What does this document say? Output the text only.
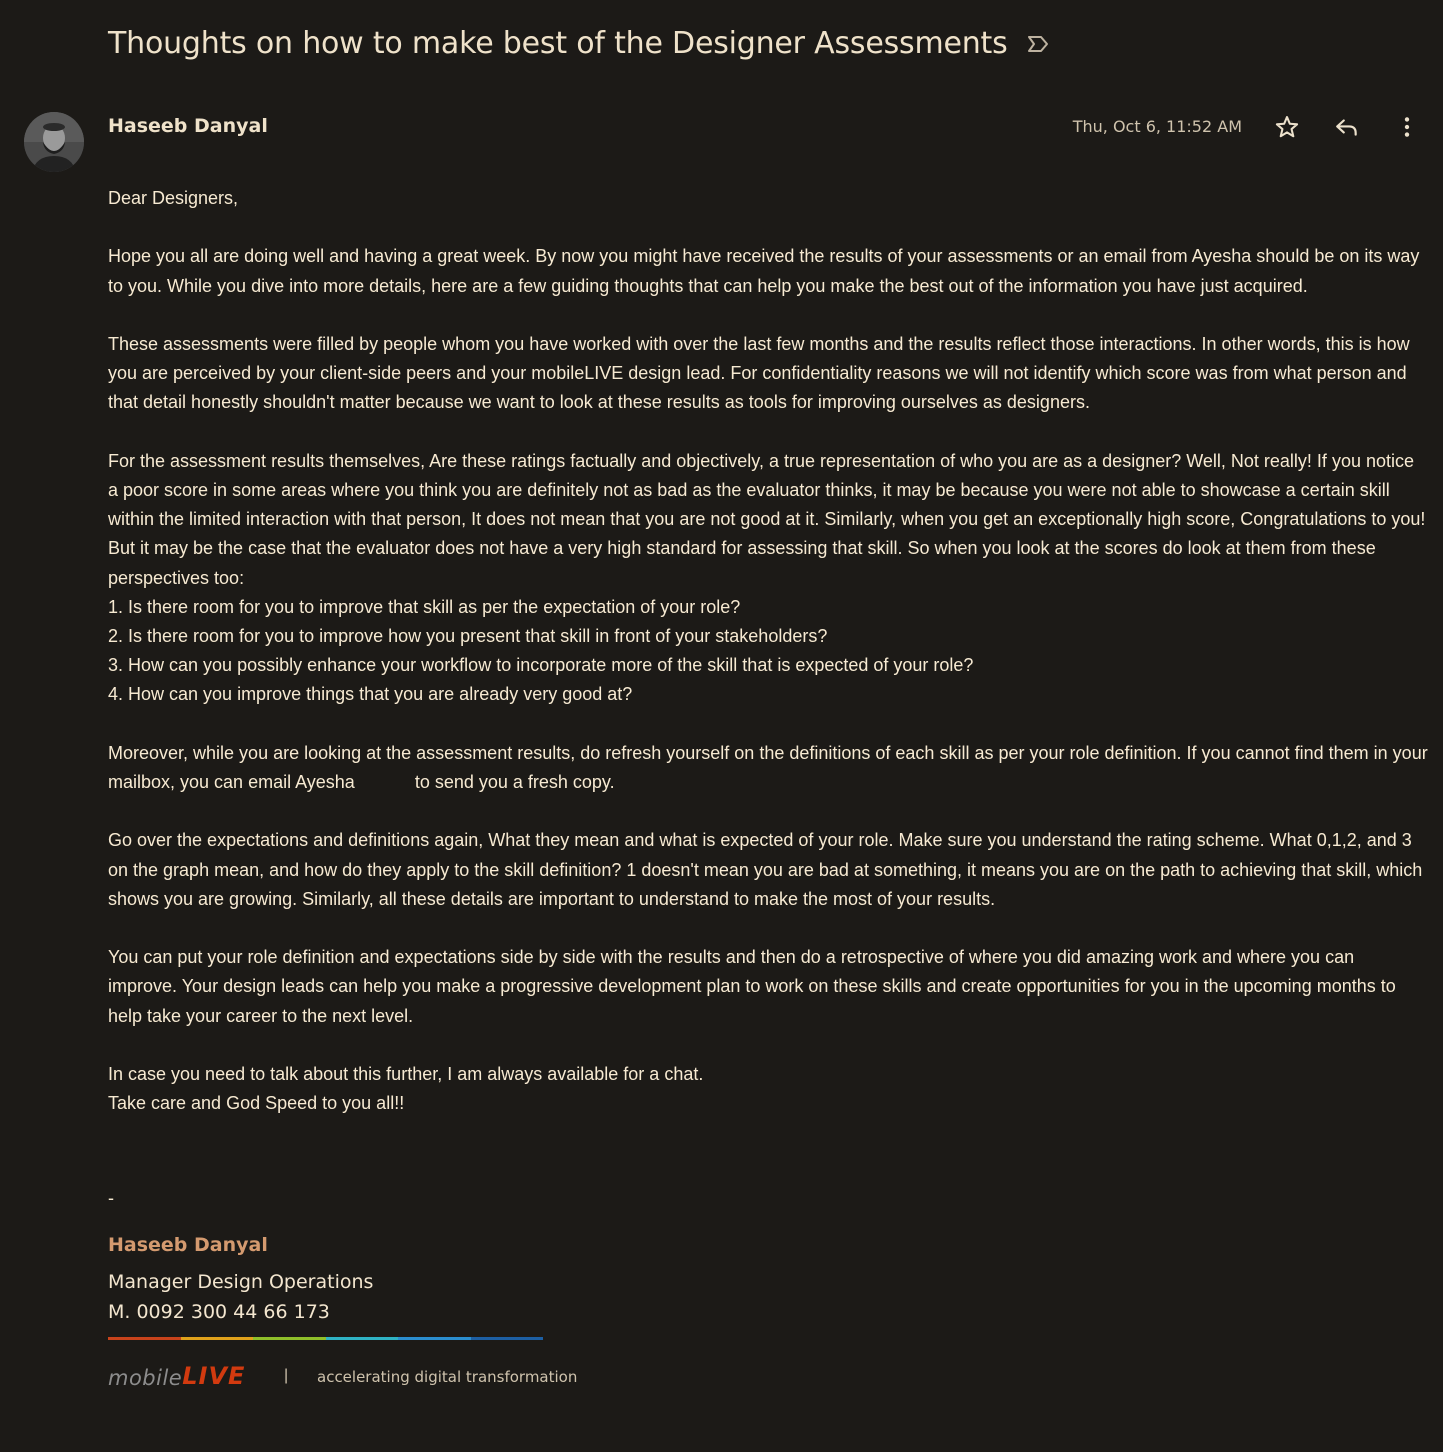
Thoughts on how to make best of the Designer Assessments
Haseeb Danyal	Thu, Oct 6, 11:52 AM

Dear Designers,

Hope you all are doing well and having a great week. By now you might have received the results of your assessments or an email from Ayesha should be on its way to you. While you dive into more details, here are a few guiding thoughts that can help you make the best out of the information you have just acquired.

These assessments were filled by people whom you have worked with over the last few months and the results reflect those interactions. In other words, this is how you are perceived by your client-side peers and your mobileLIVE design lead. For confidentiality reasons we will not identify which score was from what person and that detail honestly shouldn't matter because we want to look at these results as tools for improving ourselves as designers.

For the assessment results themselves, Are these ratings factually and objectively, a true representation of who you are as a designer? Well, Not really! If you notice a poor score in some areas where you think you are definitely not as bad as the evaluator thinks, it may be because you were not able to showcase a certain skill within the limited interaction with that person, It does not mean that you are not good at it. Similarly, when you get an exceptionally high score, Congratulations to you! But it may be the case that the evaluator does not have a very high standard for assessing that skill. So when you look at the scores do look at them from these perspectives too:

1. Is there room for you to improve that skill as per the expectation of your role?
2. Is there room for you to improve how you present that skill in front of your stakeholders?
3. How can you possibly enhance your workflow to incorporate more of the skill that is expected of your role?
4. How can you improve things that you are already very good at?

Moreover, while you are looking at the assessment results, do refresh yourself on the definitions of each skill as per your role definition. If you cannot find them in your mailbox, you can email Ayesha	to send you a fresh copy.

Go over the expectations and definitions again, What they mean and what is expected of your role. Make sure you understand the rating scheme. What 0,1,2, and 3 on the graph mean, and how do they apply to the skill definition? 1 doesn't mean you are bad at something, it means you are on the path to achieving that skill, which shows you are growing. Similarly, all these details are important to understand to make the most of your results.

You can put your role definition and expectations side by side with the results and then do a retrospective of where you did amazing work and where you can improve. Your design leads can help you make a progressive development plan to work on these skills and create opportunities for you in the upcoming months to help take your career to the next level.

In case you need to talk about this further, I am always available for a chat.
Take care and God Speed to you all!!

-
Haseeb Danyal
Manager Design Operations
M. 0092 300 44 66 173
mobile LIVE | accelerating digital transformation
